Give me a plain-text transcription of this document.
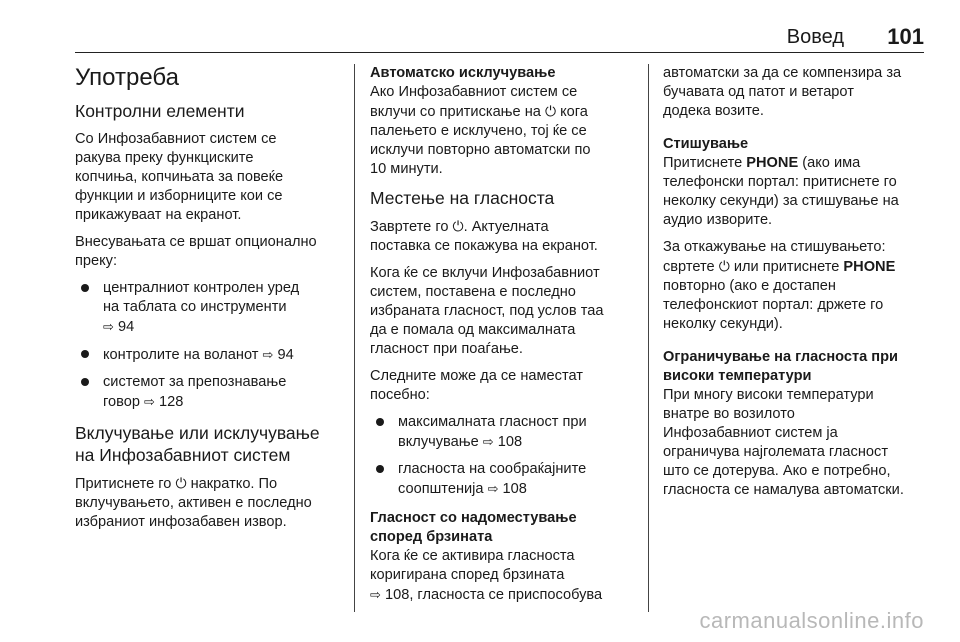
Вовед 101
Употреба
Контролни елементи

Со Инфозабавниот систем се
ракува преку функциските
копчиња, копчињата за повеќе
функции и изборниците кои се
прикажуваат на екранот.

Внесувањата се вршат опционално
преку:

централниот контролен уред
на таблата со инструменти
⇨ 94
контролите на воланот ⇨ 94
системот за препознавање
говор ⇨ 128
Вклучување или исклучување
на Инфозабавниот систем

Притиснете го ⏻ накратко. По
вклучувањето, активен е последно
избраниот инфозабавен извор.

Автоматско исклучување

Ако Инфозабавниот систем се
вклучи со притискање на ⏻ кога
палењето е исклучено, тој ќе се
исклучи повторно автоматски по
10 минути.

Местење на гласноста

Завртете го ⏻. Актуелната
поставка се покажува на екранот.

Кога ќе се вклучи Инфозабавниот
систем, поставена е последно
избраната гласност, под услов таа
да е помала од максималната
гласност при поаѓање.

Следните може да се наместат
посебно:

максималната гласност при
вклучување ⇨ 108
гласноста на сообраќајните
соопштенија ⇨ 108
Гласност со надоместување
според брзината

Кога ќе се активира гласноста
коригирана според брзината
⇨ 108, гласноста се приспособува

автоматски за да се компензира за
бучавата од патот и ветарот
додека возите.

Стишување

Притиснете PHONE (ако има
телефонски портал: притиснете го
неколку секунди) за стишување на
аудио изворите.

За откажување на стишувањето:
свртете ⏻ или притиснете PHONE
повторно (ако е достапен
телефонскиот портал: држете го
неколку секунди).

Ограничување на гласноста при
високи температури

При многу високи температури
внатре во возилото
Инфозабавниот систем ја
ограничува најголемата гласност
што се дотерува. Ако е потребно,
гласноста се намалува автоматски.

carmanualsonline.info
